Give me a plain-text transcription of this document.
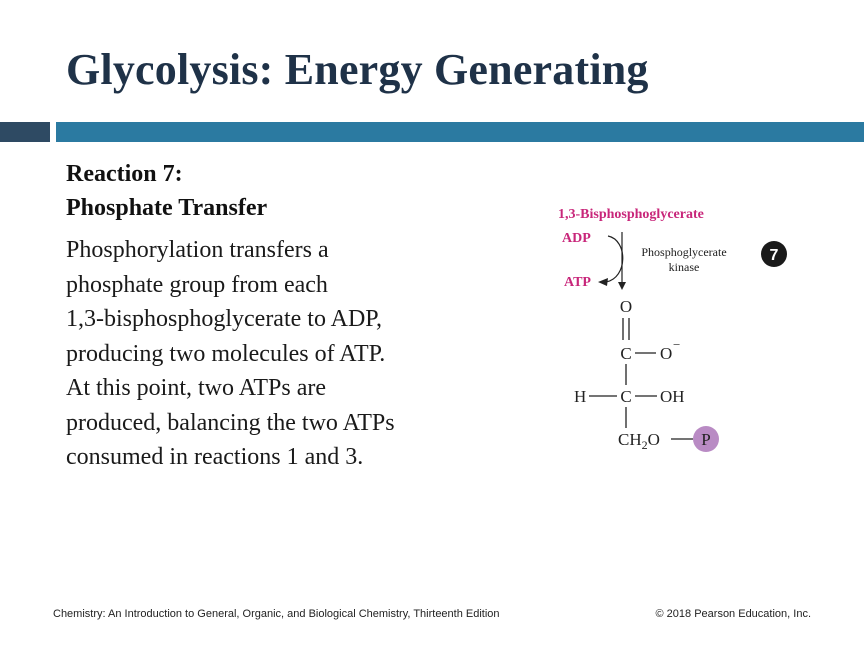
Glycolysis: Energy Generating
Reaction 7:
Phosphate Transfer
Phosphorylation transfers a
phosphate group from each
1,3-bisphosphoglycerate to ADP,
producing two molecules of ATP.
At this point, two ATPs are
produced, balancing the two ATPs
consumed in reactions 1 and 3.
1,3-Bisphosphoglycerate
ADP
ATP
Phosphoglycerate
kinase
7
O
C O −
H C OH
$CH_2O$ P
Chemistry: An Introduction to General, Organic, and Biological Chemistry, Thirteenth Edition	© 2018 Pearson Education, Inc.
